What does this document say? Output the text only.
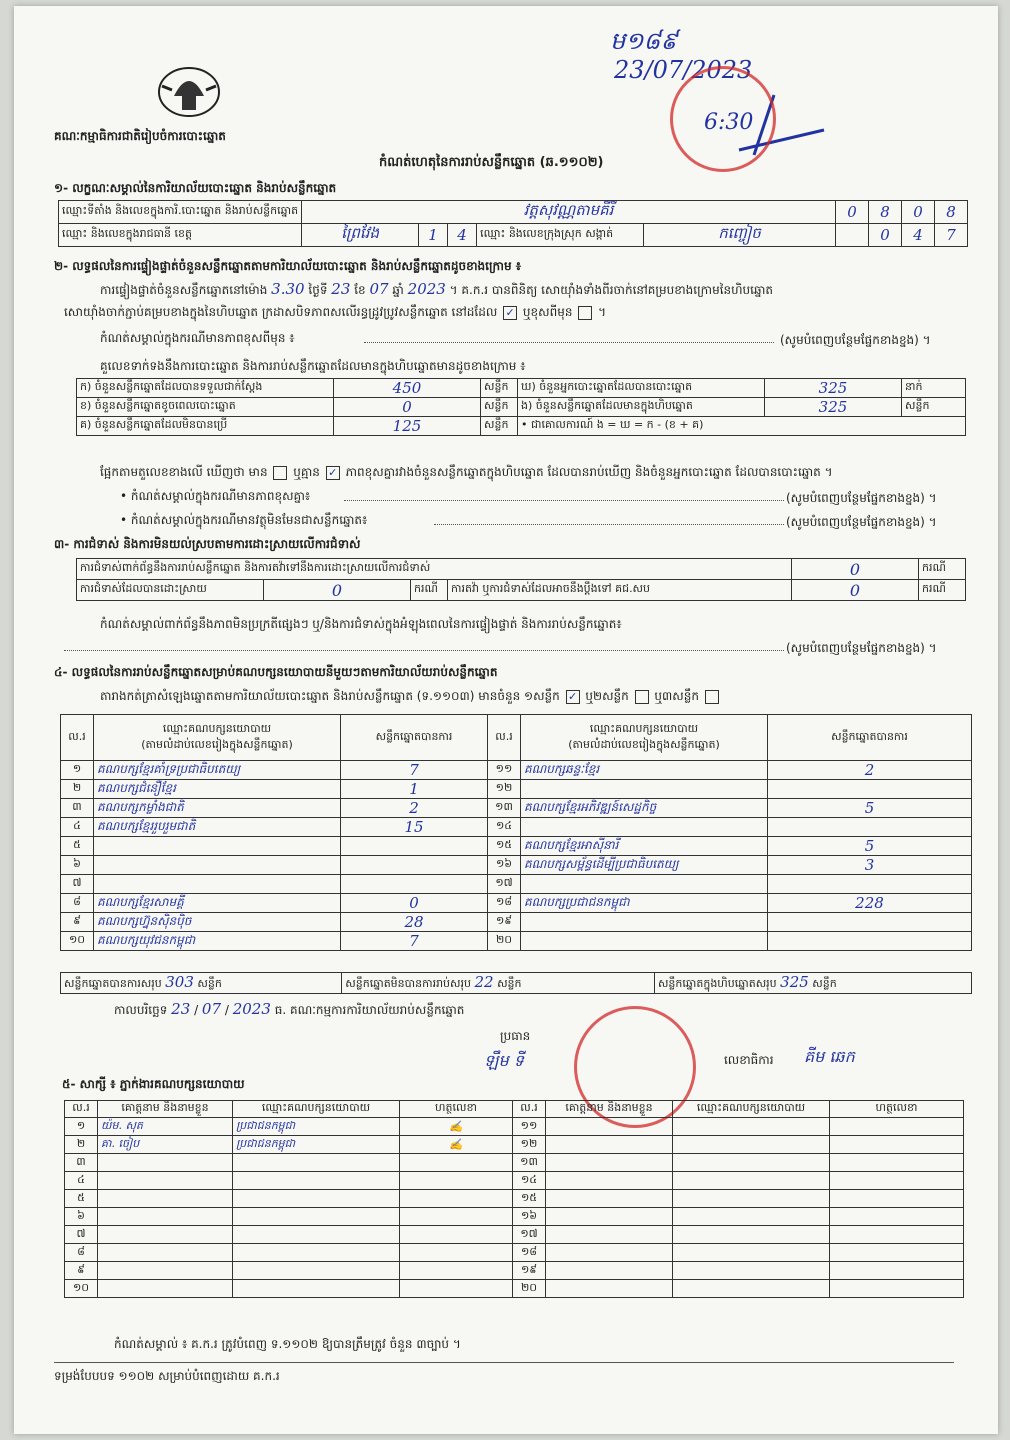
គណៈកម្មាធិការជាតិរៀបចំការបោះឆ្នោត
ម១៨៩
23/07/2023
6:30
កំណត់ហេតុនៃការរាប់សន្លឹកឆ្នោត (ឆ.១១០២)
១- លក្ខណៈសម្គាល់នៃការិយាល័យបោះឆ្នោត និងរាប់សន្លឹកឆ្នោត
ឈ្មោះទីតាំង និងលេខក្នុងការិ.បោះឆ្នោត និងរាប់សន្លឹកឆ្នោត	វត្តសុវណ្ណតាមគីរី					0	8	0	8
ឈ្មោះ និងលេខក្នុងរាជធានី ខេត្ត	ព្រៃវែង	1	4	ឈ្មោះ និងលេខក្រុងស្រុក សង្កាត់	កញ្ចៀច		0	4	7
២- លទ្ធផលនៃការផ្ទៀងផ្ទាត់ចំនួនសន្លឹកឆ្នោតតាមការិយាល័យបោះឆ្នោត និងរាប់សន្លឹកឆ្នោតដូចខាងក្រោម ៖
ការផ្ទៀងផ្ទាត់ចំនួនសន្លឹកឆ្នោតនៅម៉ោង 3.30 ថ្ងៃទី 23 ខែ 07 ឆ្នាំ 2023 ។ គ.ក.រ បានពិនិត្យ សោយ៉ាំងទាំងពីរចាក់នៅគម្របខាងក្រោមនៃហិបឆ្នោត
សោយ៉ាំងចាក់ភ្ជាប់គម្របខាងក្នុងនៃហិបឆ្នោត ក្រដាសបិទភាពសលើរន្ធដ្រូវប្រូវសន្លឹកឆ្នោត នៅដដែល ✓ ឬខុសពីមុន ។
កំណត់សម្គាល់ក្នុងករណីមានភាពខុសពីមុន ៖	(សូមបំពេញបន្ថែមផ្នែកខាងខ្នង) ។
គួលេខទាក់ទងនឹងការបោះឆ្នោត និងការរាប់សន្លឹកឆ្នោតដែលមានក្នុងហិបឆ្នោតមានដូចខាងក្រោម ៖
ក) ចំនួនសន្លឹកឆ្នោតដែលបានទទួលជាក់ស្តែង	450	សន្លឹក	ឃ) ចំនួនអ្នកបោះឆ្នោតដែលបានបោះឆ្នោត	325	នាក់
ខ) ចំនួនសន្លឹកឆ្នោតខូចពេលបោះឆ្នោត	0	សន្លឹក	ង) ចំនួនសន្លឹកឆ្នោតដែលមានក្នុងហិបឆ្នោត	325	សន្លឹក
គ) ចំនួនសន្លឹកឆ្នោតដែលមិនបានប្រើ	125	សន្លឹក	• ជាគោលការណ៍ ង = ឃ = ក - (ខ + គ)		
ផ្អែកតាមតួលេខខាងលើ ឃើញថា មាន ឬគ្មាន ✓ ភាពខុសគ្នារវាងចំនួនសន្លឹកឆ្នោតក្នុងហិបឆ្នោត ដែលបានរាប់ឃើញ និងចំនួនអ្នកបោះឆ្នោត ដែលបានបោះឆ្នោត ។
• កំណត់សម្គាល់ក្នុងករណីមានភាពខុសគ្នា៖	(សូមបំពេញបន្ថែមផ្នែកខាងខ្នង) ។
• កំណត់សម្គាល់ក្នុងករណីមានវត្ថុមិនមែនជាសន្លឹកឆ្នោត៖	(សូមបំពេញបន្ថែមផ្នែកខាងខ្នង) ។
៣- ការជំទាស់ និងការមិនយល់ស្របតាមការដោះស្រាយលើការជំទាស់
ការជំទាស់ពាក់ព័ន្ធនឹងការរាប់សន្លឹកឆ្នោត និងការតវ៉ាទៅនឹងការដោះស្រាយលើការជំទាស់				0	ករណី
ការជំទាស់ដែលបានដោះស្រាយ	0	ករណី	ការតវ៉ា ឬការជំទាស់ដែលអាចនឹងប្តឹងទៅ គជ.សប	0	ករណី
កំណត់សម្គាល់ពាក់ព័ន្ធនឹងភាពមិនប្រក្រតីផ្សេងៗ ឬ/និងការជំទាស់ក្នុងអំឡុងពេលនៃការផ្ទៀងផ្ទាត់ និងការរាប់សន្លឹកឆ្នោត៖
(សូមបំពេញបន្ថែមផ្នែកខាងខ្នង) ។
៤- លទ្ធផលនៃការរាប់សន្លឹកឆ្នោតសម្រាប់គណបក្សនយោបាយនីមួយៗតាមការិយាល័យរាប់សន្លឹកឆ្នោត
តារាងកត់ត្រាសំឡេងឆ្នោតតាមការិយាល័យបោះឆ្នោត និងរាប់សន្លឹកឆ្នោត (ទ.១១០៣) មានចំនួន ១សន្លឹក ✓ ឬ២សន្លឹក ឬ៣សន្លឹក
ល.រ	ឈ្មោះគណបក្សនយោបាយ
(តាមលំដាប់លេខរៀងក្នុងសន្លឹកឆ្នោត)	សន្លឹកឆ្នោតបានការ	ល.រ	ឈ្មោះគណបក្សនយោបាយ
(តាមលំដាប់លេខរៀងក្នុងសន្លឹកឆ្នោត)	សន្លឹកឆ្នោតបានការ
១	គណបក្សខ្មែរគាំទ្រប្រជាធិបតេយ្យ	7	១១	គណបក្សឆន្ទៈខ្មែរ	2
២	គណបក្សជំនឿខ្មែរ	1	១២		
៣	គណបក្សកម្លាំងជាតិ	2	១៣	គណបក្សខ្មែរអភិវឌ្ឍន៍សេដ្ឋកិច្ច	5
៤	គណបក្សខ្មែររួបរួមជាតិ	15	១៤		
៥			១៥	គណបក្សខ្មែរអាស៊ីនារី	5
៦			១៦	គណបក្សសម្ព័ន្ធដើម្បីប្រជាធិបតេយ្យ	3
៧			១៧		
៨	គណបក្សខ្មែរសាមគ្គី	0	១៨	គណបក្សប្រជាជនកម្ពុជា	228
៩	គណបក្សហ្វ៊ុនស៊ិនប៉ិច	28	១៩		
១០	គណបក្សយុវជនកម្ពុជា	7	២០		
សន្លឹកឆ្នោតបានការសរុប 303 សន្លឹក	សន្លឹកឆ្នោតមិនបានការរាប់សរុប 22 សន្លឹក	សន្លឹកឆ្នោតក្នុងហិបឆ្នោតសរុប 325 សន្លឹក
កាលបរិច្ឆេទ 23 / 07 / 2023 ធ. គណៈកម្មការការិយាល័យរាប់សន្លឹកឆ្នោត
ប្រធាន
ឡឹម ទី	លេខាធិការ គីម ឆេក
៥- សាក្សី ៖ ភ្នាក់ងារគណបក្សនយោបាយ
ល.រ	គោត្តនាម និងនាមខ្លួន	ឈ្មោះគណបក្សនយោបាយ	ហត្ថលេខា	ល.រ	គោត្តនាម និងនាមខ្លួន	ឈ្មោះគណបក្សនយោបាយ	ហត្ថលេខា
១	យ៉ម. សុត	ប្រជាជនកម្ពុជា	✍	១១			
២	គា. ចៀប	ប្រជាជនកម្ពុជា	✍	១២			
៣				១៣			
៤				១៤			
៥				១៥			
៦				១៦			
៧				១៧			
៨				១៨			
៩				១៩			
១០				២០			
កំណត់សម្គាល់ ៖ គ.ក.រ ត្រូវបំពេញ ទ.១១០២ ឱ្យបានត្រឹមត្រូវ ចំនួន ៣ច្បាប់ ។
ទម្រង់បែបបទ ១១០២ សម្រាប់បំពេញដោយ គ.ក.រ
